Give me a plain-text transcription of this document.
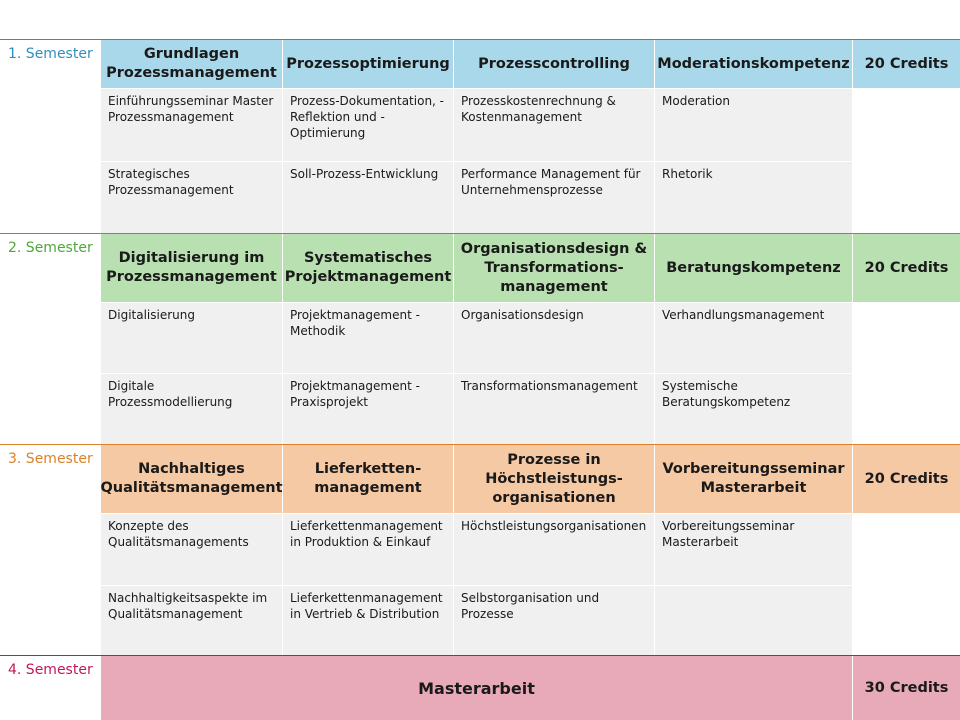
1. Semester	Grundlagen Prozessmanagement
Einführungsseminar Master Prozessmanagement
Strategisches Prozessmanagement
Prozessoptimierung
Prozess-Dokumentation, -Reflektion und -Optimierung
Soll-Prozess-Entwicklung
Prozesscontrolling
Prozesskostenrechnung & Kostenmanagement
Performance Management für Unternehmensprozesse
Moderationskompetenz
Moderation
Rhetorik
20 Credits
2. Semester
Digitalisierung im Prozessmanagement
Digitalisierung
Digitale Prozessmodellierung
Systematisches Projektmanagement
Projektmanagement - Methodik
Projektmanagement - Praxisprojekt
Organisationsdesign & Transformations-management
Organisationsdesign
Transformationsmanagement
Beratungskompetenz
Verhandlungsmanagement
Systemische Beratungskompetenz
20 Credits
3. Semester
Nachhaltiges Qualitätsmanagement
Konzepte des Qualitätsmanagements
Nachhaltigkeitsaspekte im Qualitätsmanagement
Lieferketten-management
Lieferkettenmanagement in Produktion & Einkauf
Lieferkettenmanagement in Vertrieb & Distribution
Prozesse in Höchstleistungs-organisationen
Höchstleistungsorganisationen
Selbstorganisation und Prozesse
Vorbereitungsseminar Masterarbeit
Vorbereitungsseminar Masterarbeit
20 Credits
4. Semester
Masterarbeit	30 Credits
